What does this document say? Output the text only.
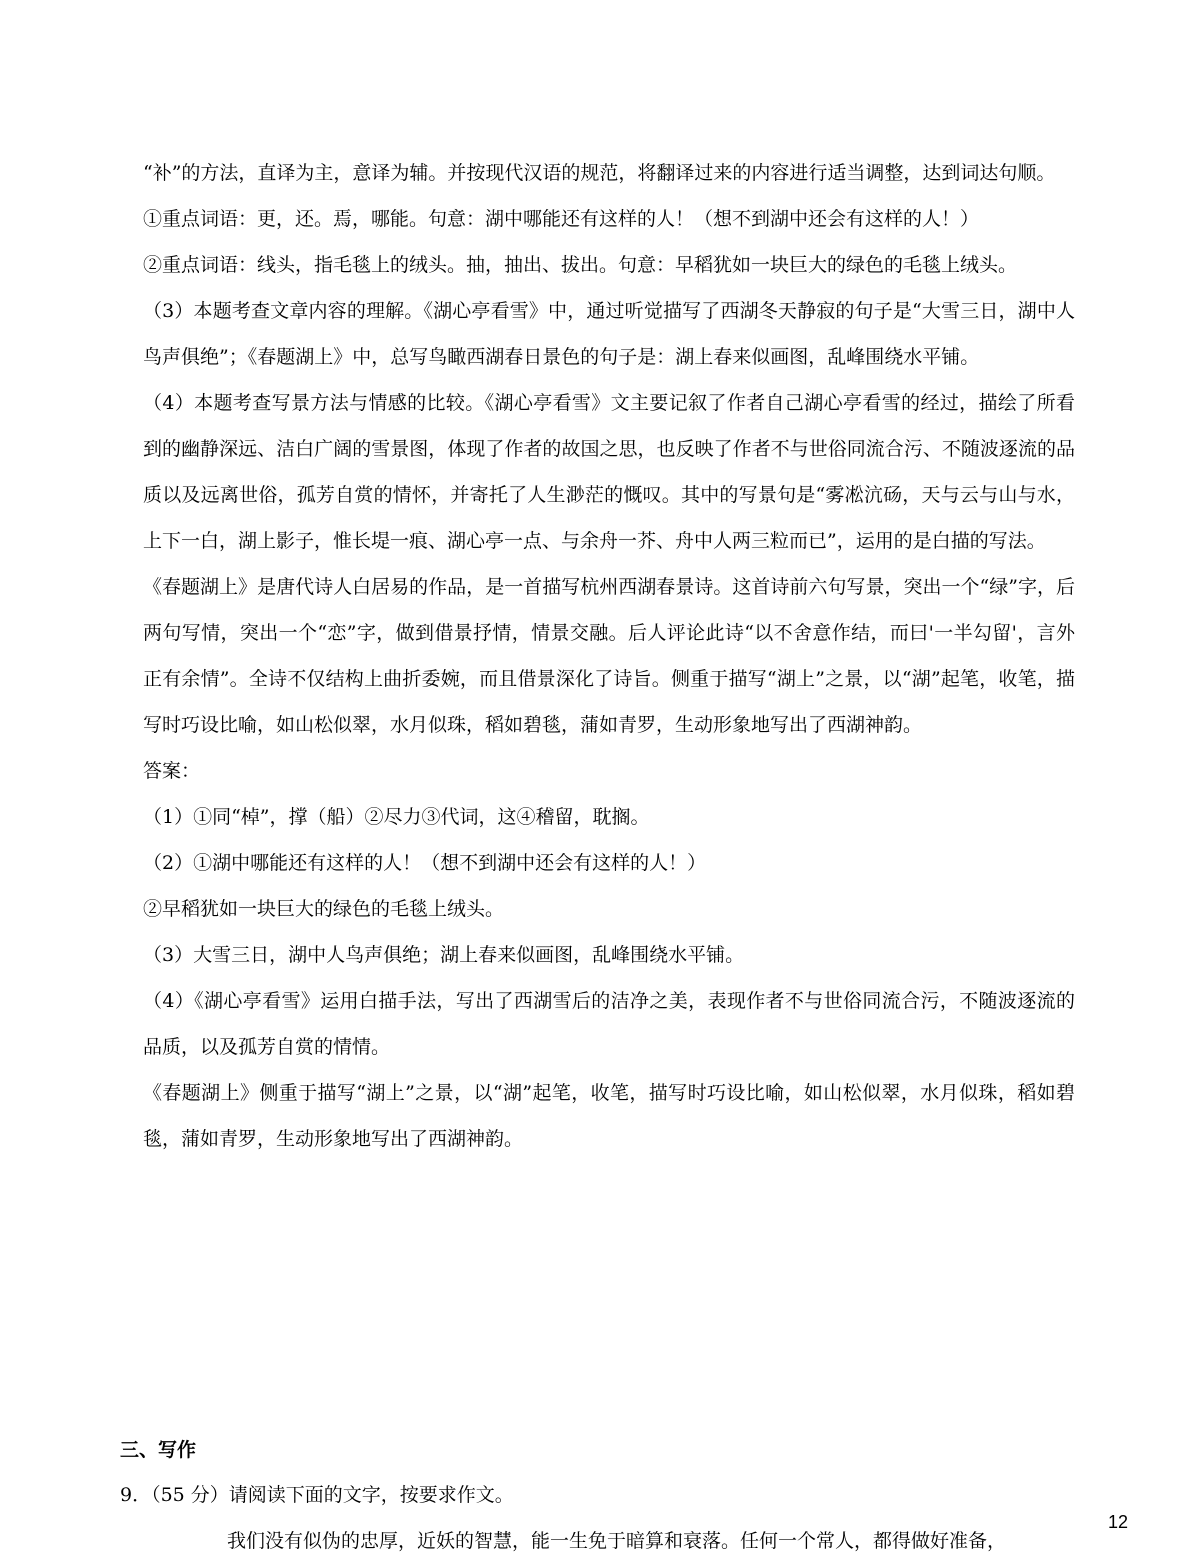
“补”的方法，直译为主，意译为辅。并按现代汉语的规范，将翻译过来的内容进行适当调整，达到词达句顺。

①重点词语：更，还。焉，哪能。句意：湖中哪能还有这样的人！（想不到湖中还会有这样的人！）

②重点词语：线头，指毛毯上的绒头。抽，抽出、拔出。句意：早稻犹如一块巨大的绿色的毛毯上绒头。

（3）本题考查文章内容的理解。《湖心亭看雪》中，通过听觉描写了西湖冬天静寂的句子是“大雪三日，湖中人鸟声俱绝”；《春题湖上》中，总写鸟瞰西湖春日景色的句子是：湖上春来似画图，乱峰围绕水平铺。

（4）本题考查写景方法与情感的比较。《湖心亭看雪》文主要记叙了作者自己湖心亭看雪的经过，描绘了所看到的幽静深远、洁白广阔的雪景图，体现了作者的故国之思，也反映了作者不与世俗同流合污、不随波逐流的品质以及远离世俗，孤芳自赏的情怀，并寄托了人生渺茫的慨叹。其中的写景句是“雾凇沆砀，天与云与山与水，上下一白，湖上影子，惟长堤一痕、湖心亭一点、与余舟一芥、舟中人两三粒而已”，运用的是白描的写法。

《春题湖上》是唐代诗人白居易的作品，是一首描写杭州西湖春景诗。这首诗前六句写景，突出一个“绿”字，后两句写情，突出一个“恋”字，做到借景抒情，情景交融。后人评论此诗“以不舍意作结，而曰'一半勾留'，言外正有余情”。全诗不仅结构上曲折委婉，而且借景深化了诗旨。侧重于描写“湖上”之景，以“湖”起笔，收笔，描写时巧设比喻，如山松似翠，水月似珠，稻如碧毯，蒲如青罗，生动形象地写出了西湖神韵。

答案：

（1）①同“棹”，撑（船）②尽力③代词，这④稽留，耽搁。

（2）①湖中哪能还有这样的人！（想不到湖中还会有这样的人！）

②早稻犹如一块巨大的绿色的毛毯上绒头。

（3）大雪三日，湖中人鸟声俱绝；湖上春来似画图，乱峰围绕水平铺。

（4）《湖心亭看雪》运用白描手法，写出了西湖雪后的洁净之美，表现作者不与世俗同流合污，不随波逐流的品质，以及孤芳自赏的情情。

《春题湖上》侧重于描写“湖上”之景，以“湖”起笔，收笔，描写时巧设比喻，如山松似翠，水月似珠，稻如碧毯，蒲如青罗，生动形象地写出了西湖神韵。

三、写作
9．（55 分）请阅读下面的文字，按要求作文。
我们没有似伪的忠厚，近妖的智慧，能一生免于暗算和衰落。任何一个常人，都得做好准备，
12
